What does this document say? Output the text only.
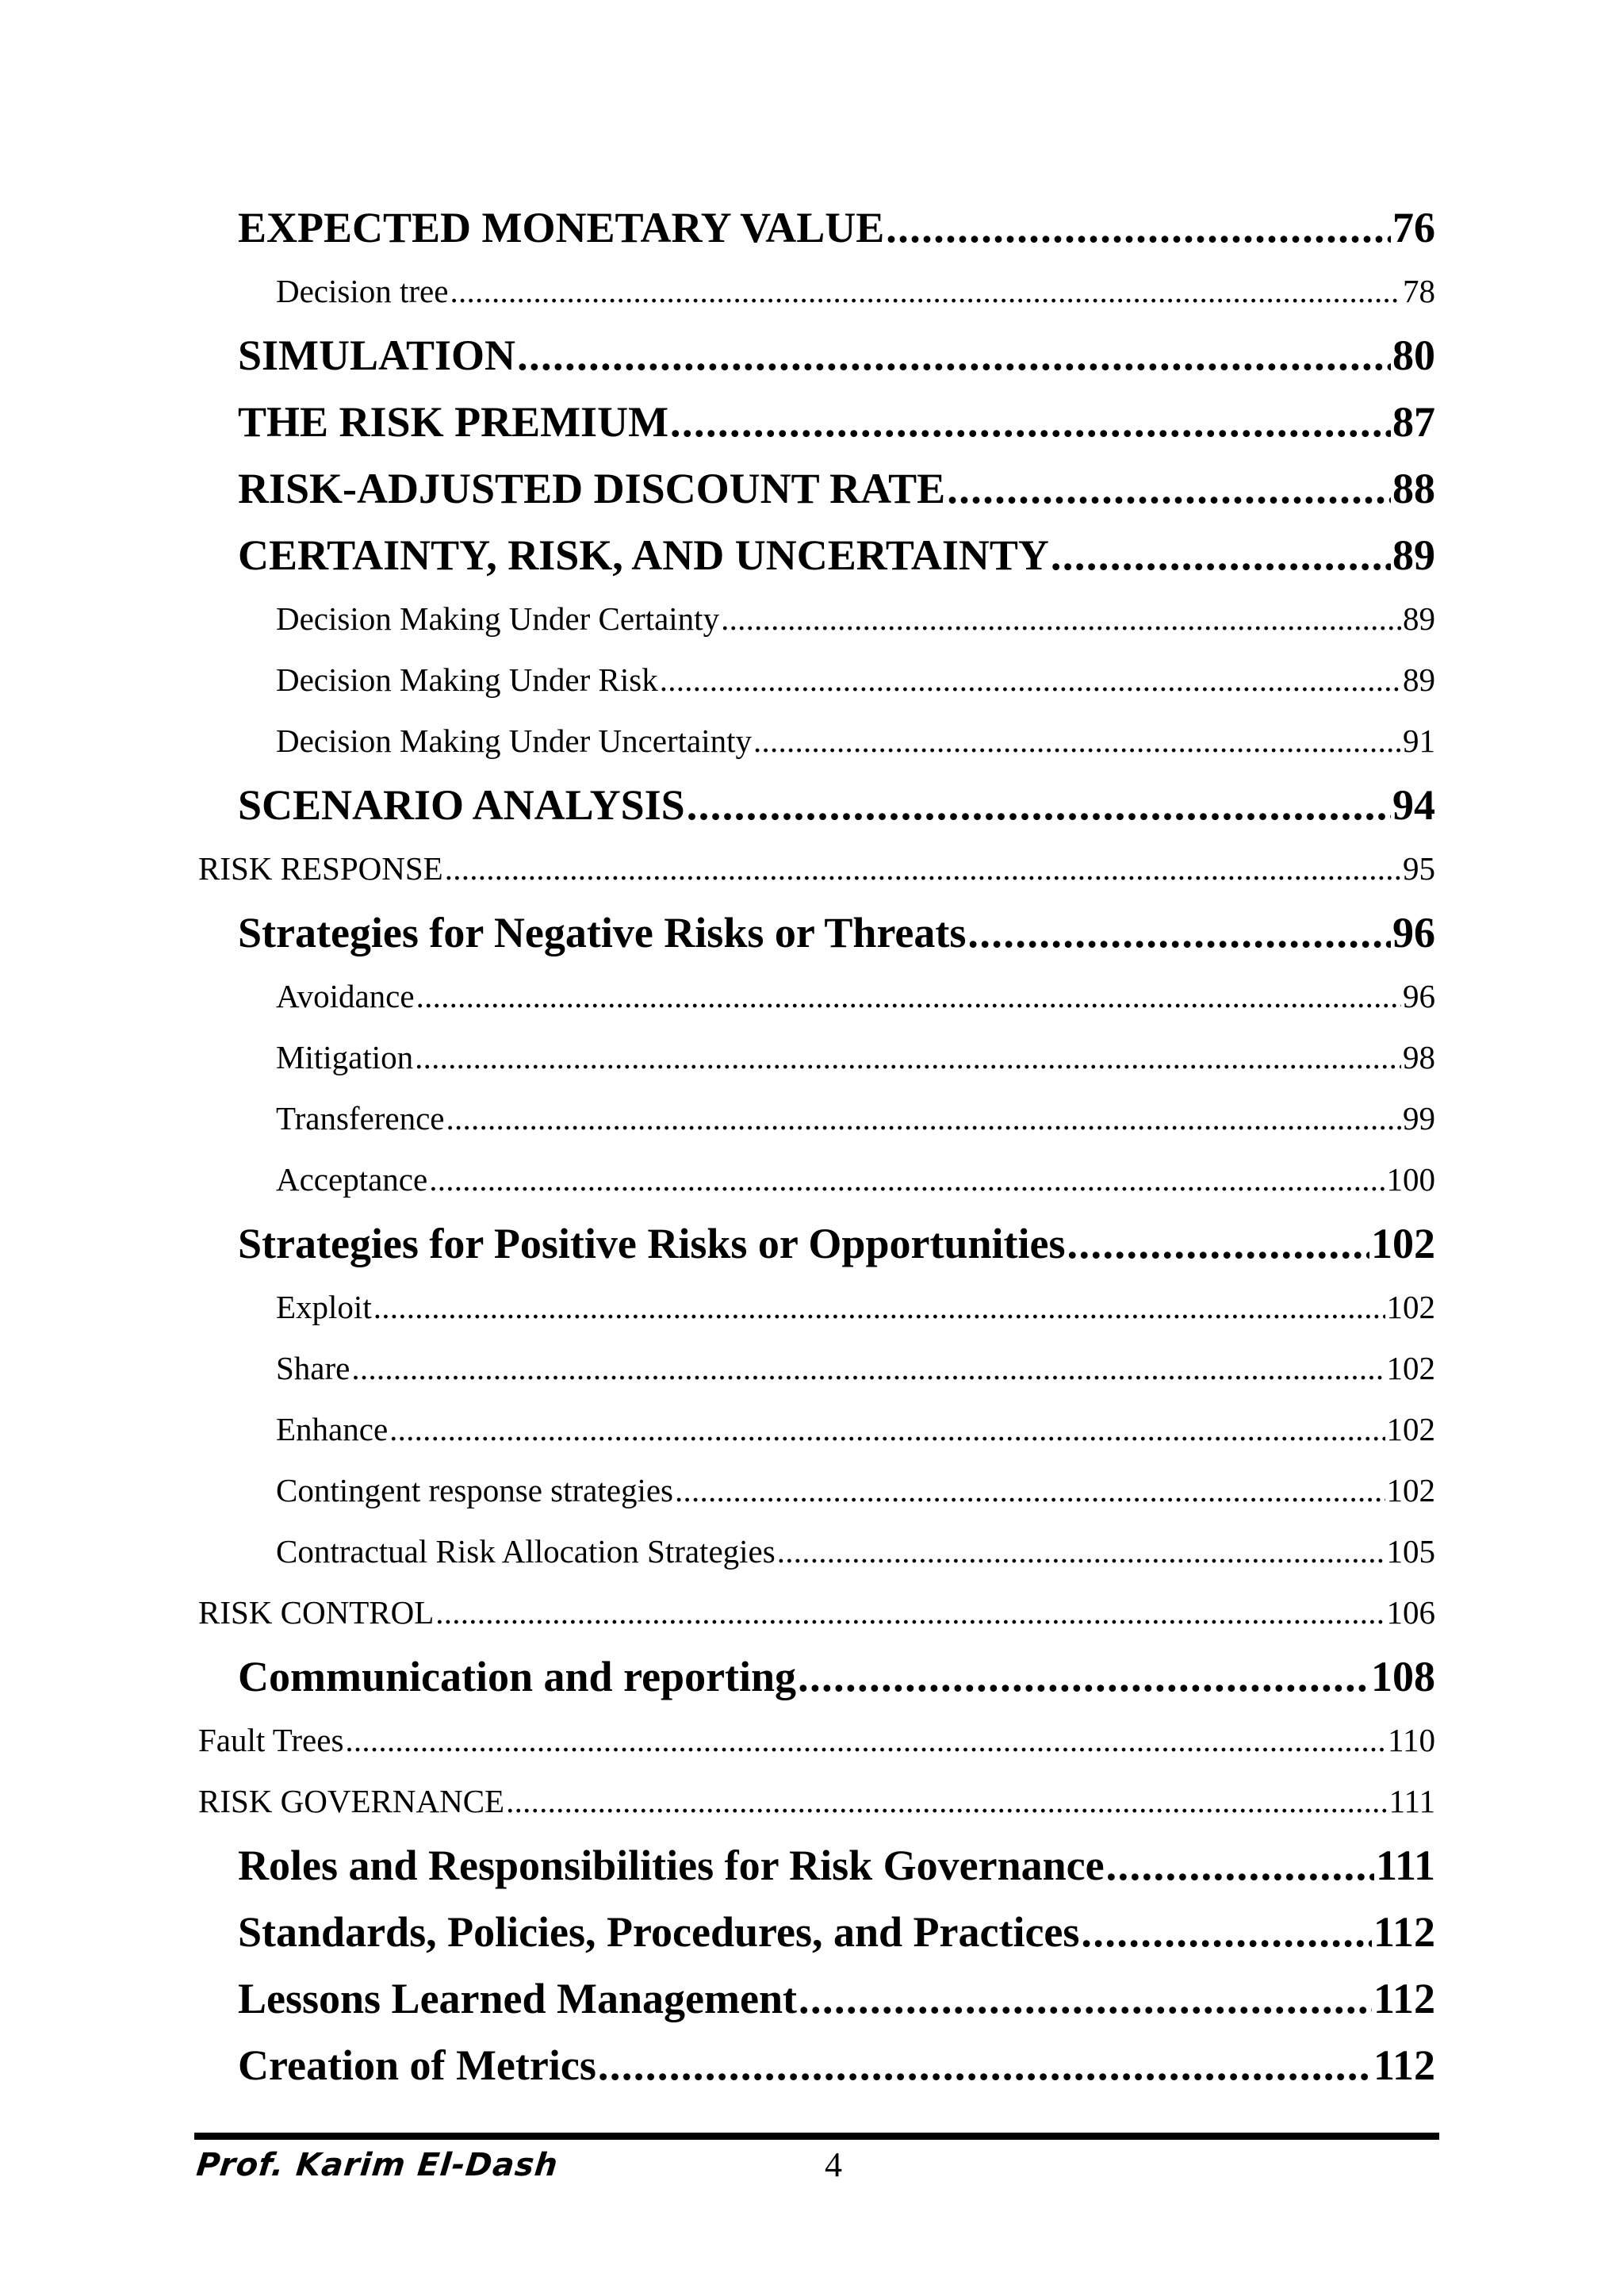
EXPECTED MONETARY VALUE . . .	76
Decision tree . . .	78
SIMULATION . . .	80
THE RISK PREMIUM . . .	87
RISK-ADJUSTED DISCOUNT RATE . . .	88
CERTAINTY, RISK, AND UNCERTAINTY . . .	89
Decision Making Under Certainty . . .	89
Decision Making Under Risk . . .	89
Decision Making Under Uncertainty . . .	91
SCENARIO ANALYSIS . . .	94
RISK RESPONSE . . .	95
Strategies for Negative Risks or Threats . . .	96
Avoidance . . .	96
Mitigation . . .	98
Transference . . .	99
Acceptance . . .	100
Strategies for Positive Risks or Opportunities . . .	102
Exploit . . .	102
Share . . .	102
Enhance . . .	102
Contingent response strategies . . .	102
Contractual Risk Allocation Strategies . . .	105
RISK CONTROL . . .	106
Communication and reporting . . .	108
Fault Trees . . .	110
RISK GOVERNANCE . . .	111
Roles and Responsibilities for Risk Governance . . .	111
Standards, Policies, Procedures, and Practices . . .	112
Lessons Learned Management . . .	112
Creation of Metrics . . .	112
Prof. Karim El-Dash	4
